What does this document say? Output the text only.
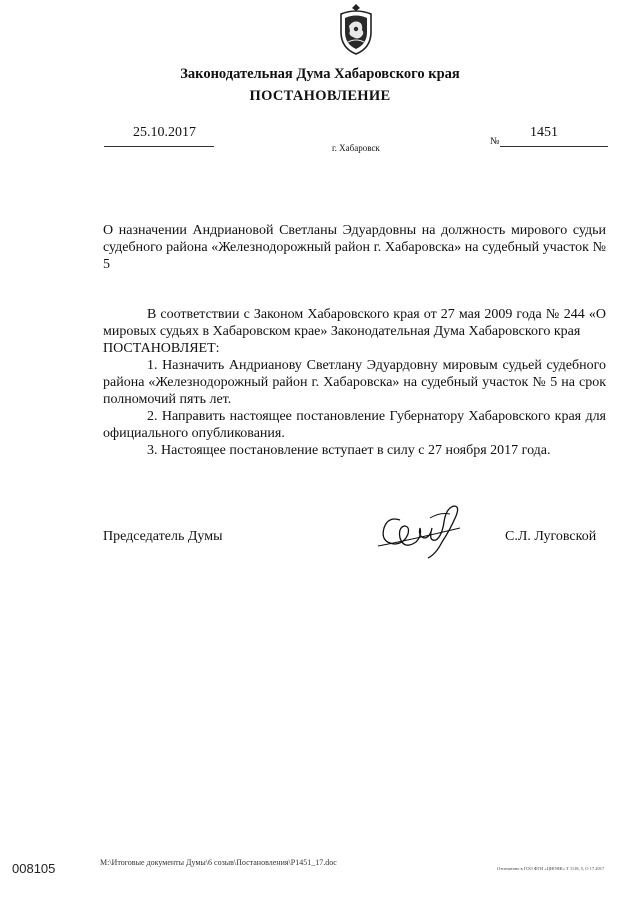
Законодательная Дума Хабаровского края
ПОСТАНОВЛЕНИЕ
25.10.2017
г. Хабаровск
№
1451
О назначении Андриановой Светланы Эдуардовны на должность мирового судьи судебного района «Железнодорожный район г. Хабаровска» на судебный участок № 5

В соответствии с Законом Хабаровского края от 27 мая 2009 года № 244 «О мировых судьях в Хабаровском крае» Законодательная Дума Хабаровского края

ПОСТАНОВЛЯЕТ:

1. Назначить Андрианову Светлану Эдуардовну мировым судьей судебного района «Железнодорожный район г. Хабаровска» на судебный участок № 5 на срок полномочий пять лет.

2. Направить настоящее постановление Губернатору Хабаровского края для официального опубликования.

3. Настоящее постановление вступает в силу с 27 ноября 2017 года.

Председатель Думы	С.Л. Луговской
008105	М:\Итоговые документы Думы\6 созыв\Постановления\Р1451_17.doc
Отпечатано в ГОО ФГИ «ЦИОНК» Т 1118, 5, О 17.2017
